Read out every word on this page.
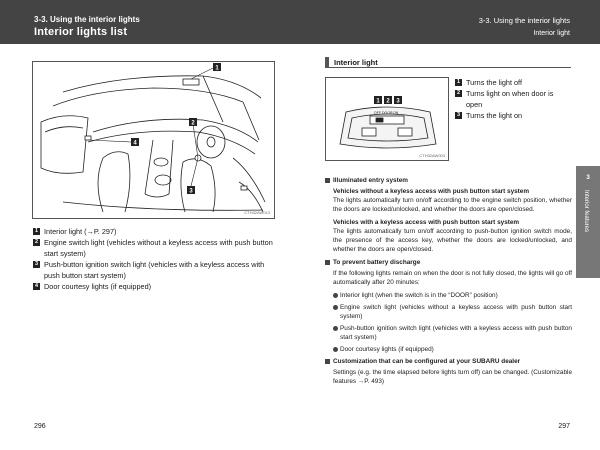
3-3. Using the interior lights
Interior lights list
3-3. Using the interior lights
Interior light
1
2
3
4
CTH32AW013
1 Interior light (→P. 297)
2 Engine switch light (vehicles without a keyless access with push button start system)
3 Push-button ignition switch light (vehicles with a keyless access with push button start system)
4 Door courtesy lights (if equipped)
Interior light
OFF DOOR ON
1 2 3
CTH32AW003
1 Turns the light off
2 Turns light on when door is open
3 Turns the light on
3
Interior features
Illuminated entry system
Vehicles without a keyless access with push button start system
The lights automatically turn on/off according to the engine switch position, whether the doors are locked/unlocked, and whether the doors are open/closed.
Vehicles with a keyless access with push button start system
The lights automatically turn on/off according to push-button ignition switch mode, the presence of the access key, whether the doors are locked/unlocked, and whether the doors are open/closed.
To prevent battery discharge
If the following lights remain on when the door is not fully closed, the lights will go off automatically after 20 minutes:
Interior light (when the switch is in the “DOOR” position)
Engine switch light (vehicles without a keyless access with push button start system)
Push-button ignition switch light (vehicles with a keyless access with push button start system)
Door courtesy lights (if equipped)
Customization that can be configured at your SUBARU dealer
Settings (e.g. the time elapsed before lights turn off) can be changed. (Customizable features →P. 493)
296	297
